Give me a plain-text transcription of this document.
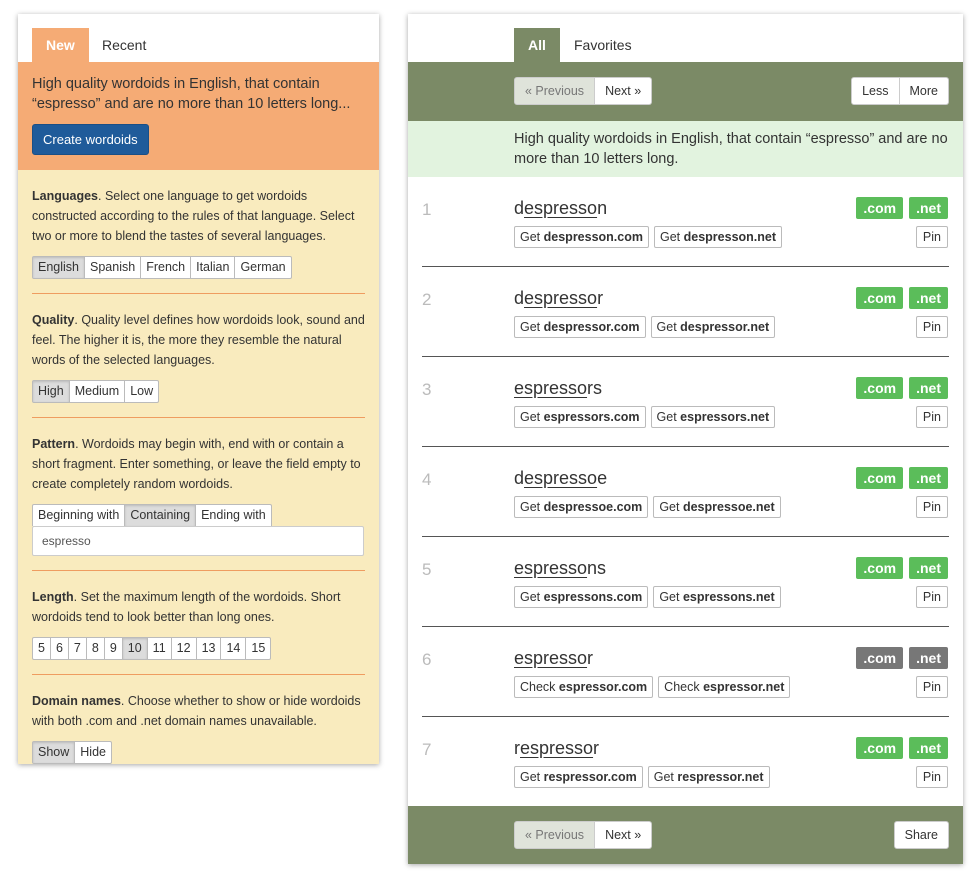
New	Recent
High quality wordoids in English, that contain “espresso” and are no more than 10 letters long...
Create wordoids

Languages. Select one language to get wordoids constructed according to the rules of that language. Select two or more to blend the tastes of several languages.

English Spanish French Italian German

Quality. Quality level defines how wordoids look, sound and feel. The higher it is, the more they resemble the natural words of the selected languages.

High Medium Low

Pattern. Wordoids may begin with, end with or contain a short fragment. Enter something, or leave the field empty to create completely random wordoids.

Beginning with Containing Ending with
espresso

Length. Set the maximum length of the wordoids. Short wordoids tend to look better than long ones.

5 6 7 8 9 10 11 12 13 14 15

Domain names. Choose whether to show or hide wordoids with both .com and .net domain names unavailable.

Show Hide
All	Favorites
« Previous	Next »	Less	More
High quality wordoids in English, that contain “espresso” and are no more than 10 letters long.
1	despresson	.com	.net
Get despresson.com	Get despresson.net	Pin
2	despressor	.com	.net
Get despressor.com	Get despressor.net	Pin
3	espressors	.com	.net
Get espressors.com	Get espressors.net	Pin
4	despressoe	.com	.net
Get despressoe.com	Get despressoe.net	Pin
5	espressons	.com	.net
Get espressons.com	Get espressons.net	Pin
6	espressor	.com	.net
Check espressor.com	Check espressor.net	Pin
7	respressor	.com	.net
Get respressor.com	Get respressor.net	Pin
« Previous	Next »	Share
